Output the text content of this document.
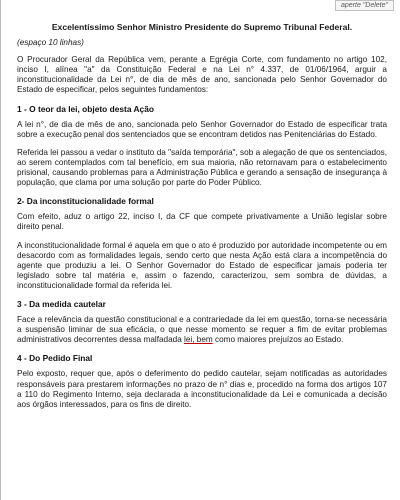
aperte "Delete"
Excelentíssimo Senhor Ministro Presidente do Supremo Tribunal Federal.

(espaço 10 linhas)

O Procurador Geral da República vem, perante a Egrégia Corte, com fundamento no artigo 102, inciso I, alínea "a" da Constituição Federal e na Lei n° 4.337, de 01/06/1964, arguir a inconstitucionalidade da Lei n°, de dia de mês de ano, sancionada pelo Senhor Governador do Estado de especificar, pelos seguintes fundamentos:

1 - O teor da lei, objeto desta Ação

A lei n°, de dia de mês de ano, sancionada pelo Senhor Governador do Estado de especificar trata sobre a execução penal dos sentenciados que se encontram detidos nas Penitenciárias do Estado.

Referida lei passou a vedar o instituto da "saída temporária", sob a alegação de que os sentenciados, ao serem contemplados com tal benefício, em sua maioria, não retornavam para o estabelecimento prisional, causando problemas para a Administração Pública e gerando a sensação de insegurança à população, que clama por uma solução por parte do Poder Público.

2- Da inconstitucionalidade formal

Com efeito, aduz o artigo 22, inciso I, da CF que compete privativamente a União legislar sobre direito penal.

A inconstitucionalidade formal é aquela em que o ato é produzido por autoridade incompetente ou em desacordo com as formalidades legais, sendo certo que nesta Ação está clara a incompetência do agente que produziu a lei. O Senhor Governador do Estado de especificar jamais poderia ter legislado sobre tal matéria e, assim o fazendo, caracterizou, sem sombra de dúvidas, a inconstitucionalidade formal da referida lei.

3 - Da medida cautelar

Face a relevância da questão constitucional e a contrariedade da lei em questão, torna-se necessária a suspensão liminar de sua eficácia, o que nesse momento se requer a fim de evitar problemas administrativos decorrentes dessa malfadada lei, bem como maiores prejuízos ao Estado.

4 - Do Pedido Final

Pelo exposto, requer que, após o deferimento do pedido cautelar, sejam notificadas as autoridades responsáveis para prestarem informações no prazo de n° dias e, procedido na forma dos artigos 107 a 110 do Regimento Interno, seja declarada a inconstitucionalidade da Lei e comunicada a decisão aos órgãos interessados, para os fins de direito.
